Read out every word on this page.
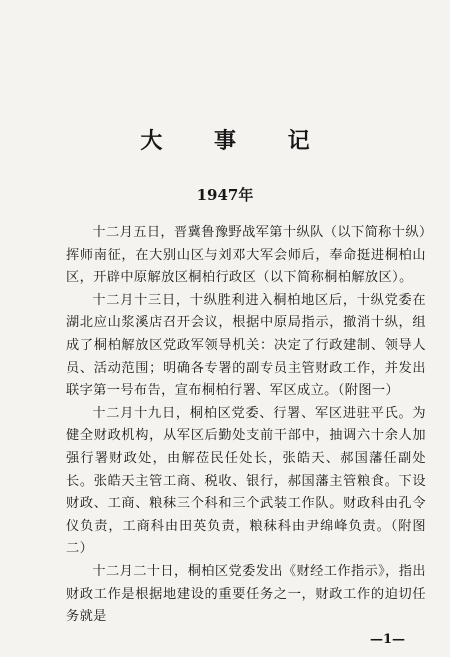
大 事 记
1947年

十二月五日，晋冀鲁豫野战军第十纵队（以下简称十纵）挥师南征，在大别山区与刘邓大军会师后，奉命挺进桐柏山区，开辟中原解放区桐柏行政区（以下简称桐柏解放区）。

十二月十三日，十纵胜利进入桐柏地区后，十纵党委在湖北应山浆溪店召开会议，根据中原局指示，撤消十纵，组成了桐柏解放区党政军领导机关：决定了行政建制、领导人员、活动范围；明确各专署的副专员主管财政工作，并发出联字第一号布告，宣布桐柏行署、军区成立。（附图一）

十二月十九日，桐柏区党委、行署、军区进驻平氏。为健全财政机构，从军区后勤处支前干部中，抽调六十余人加强行署财政处，由解莅民任处长，张皓天、郝国藩任副处长。张皓天主管工商、税收、银行，郝国藩主管粮食。下设财政、工商、粮秣三个科和三个武装工作队。财政科由孔令仪负责，工商科由田英负责，粮秣科由尹绵峰负责。（附图二）

十二月二十日，桐柏区党委发出《财经工作指示》，指出财政工作是根据地建设的重要任务之一，财政工作的迫切任务就是

—1—
